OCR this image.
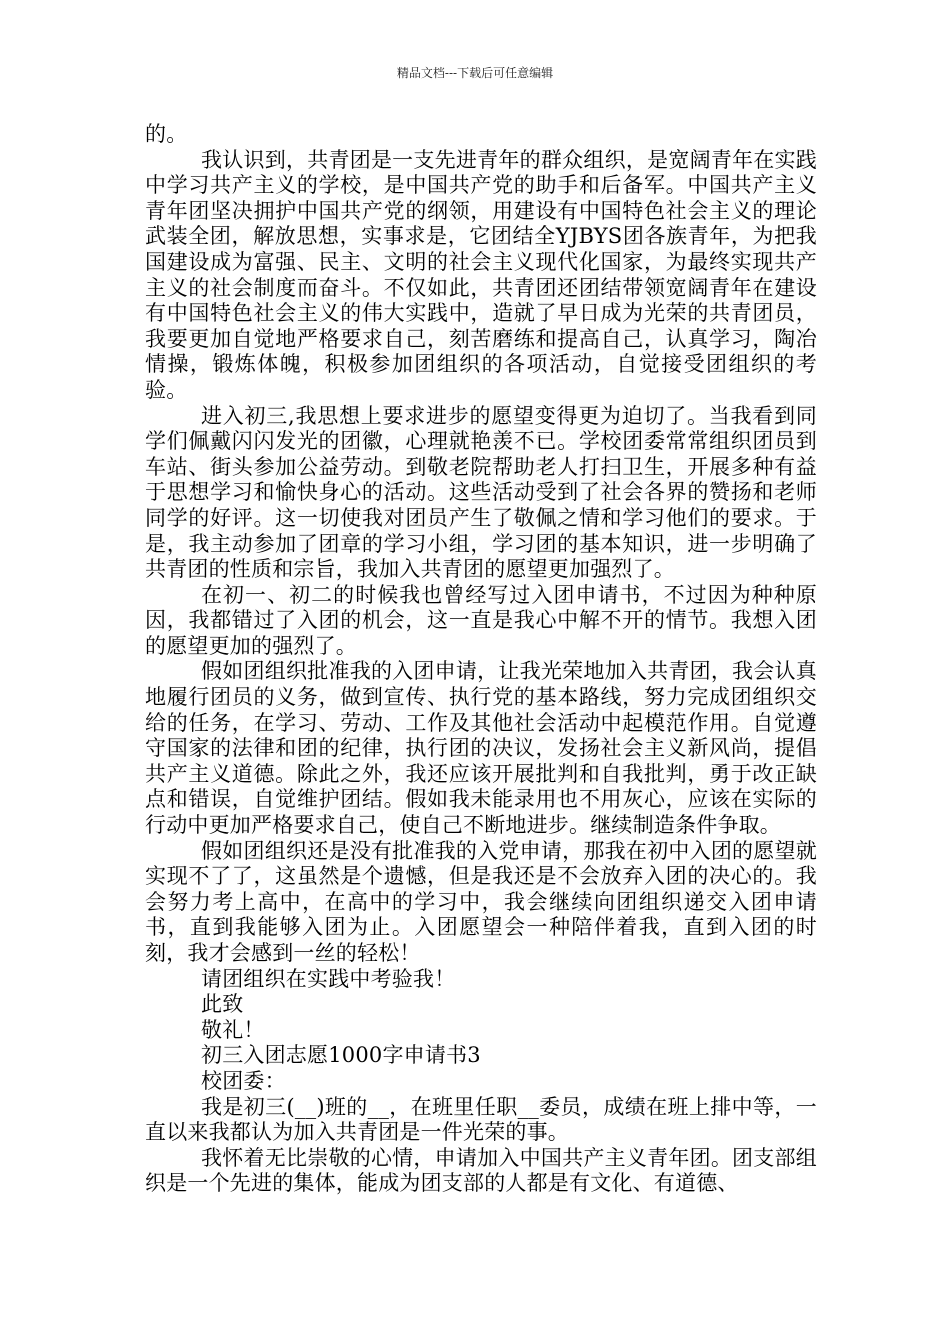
精品文档---下载后可任意编辑

的。

我认识到，共青团是一支先进青年的群众组织，是宽阔青年在实践中学习共产主义的学校，是中国共产党的助手和后备军。中国共产主义青年团坚决拥护中国共产党的纲领，用建设有中国特色社会主义的理论武装全团，解放思想，实事求是，它团结全YJBYS团各族青年，为把我国建设成为富强、民主、文明的社会主义现代化国家，为最终实现共产主义的社会制度而奋斗。不仅如此，共青团还团结带领宽阔青年在建设有中国特色社会主义的伟大实践中，造就了早日成为光荣的共青团员，我要更加自觉地严格要求自己，刻苦磨练和提高自己，认真学习，陶冶情操，锻炼体魄，积极参加团组织的各项活动，自觉接受团组织的考验。

进入初三,我思想上要求进步的愿望变得更为迫切了。当我看到同学们佩戴闪闪发光的团徽，心理就艳羡不已。学校团委常常组织团员到车站、街头参加公益劳动。到敬老院帮助老人打扫卫生，开展多种有益于思想学习和愉快身心的活动。这些活动受到了社会各界的赞扬和老师同学的好评。这一切使我对团员产生了敬佩之情和学习他们的要求。于是，我主动参加了团章的学习小组，学习团的基本知识，进一步明确了共青团的性质和宗旨，我加入共青团的愿望更加强烈了。

在初一、初二的时候我也曾经写过入团申请书，不过因为种种原因，我都错过了入团的机会，这一直是我心中解不开的情节。我想入团的愿望更加的强烈了。

假如团组织批准我的入团申请，让我光荣地加入共青团，我会认真地履行团员的义务，做到宣传、执行党的基本路线，努力完成团组织交给的任务，在学习、劳动、工作及其他社会活动中起模范作用。自觉遵守国家的法律和团的纪律，执行团的决议，发扬社会主义新风尚，提倡共产主义道德。除此之外，我还应该开展批判和自我批判，勇于改正缺点和错误，自觉维护团结。假如我未能录用也不用灰心，应该在实际的行动中更加严格要求自己，使自己不断地进步。继续制造条件争取。

假如团组织还是没有批准我的入党申请，那我在初中入团的愿望就实现不了了，这虽然是个遗憾，但是我还是不会放弃入团的决心的。我会努力考上高中，在高中的学习中，我会继续向团组织递交入团申请书，直到我能够入团为止。入团愿望会一种陪伴着我，直到入团的时刻，我才会感到一丝的轻松！

请团组织在实践中考验我！

此致

敬礼！

初三入团志愿1000字申请书3

校团委：

我是初三(__)班的__，在班里任职__委员，成绩在班上排中等，一直以来我都认为加入共青团是一件光荣的事。

我怀着无比崇敬的心情，申请加入中国共产主义青年团。团支部组织是一个先进的集体，能成为团支部的人都是有文化、有道德、
